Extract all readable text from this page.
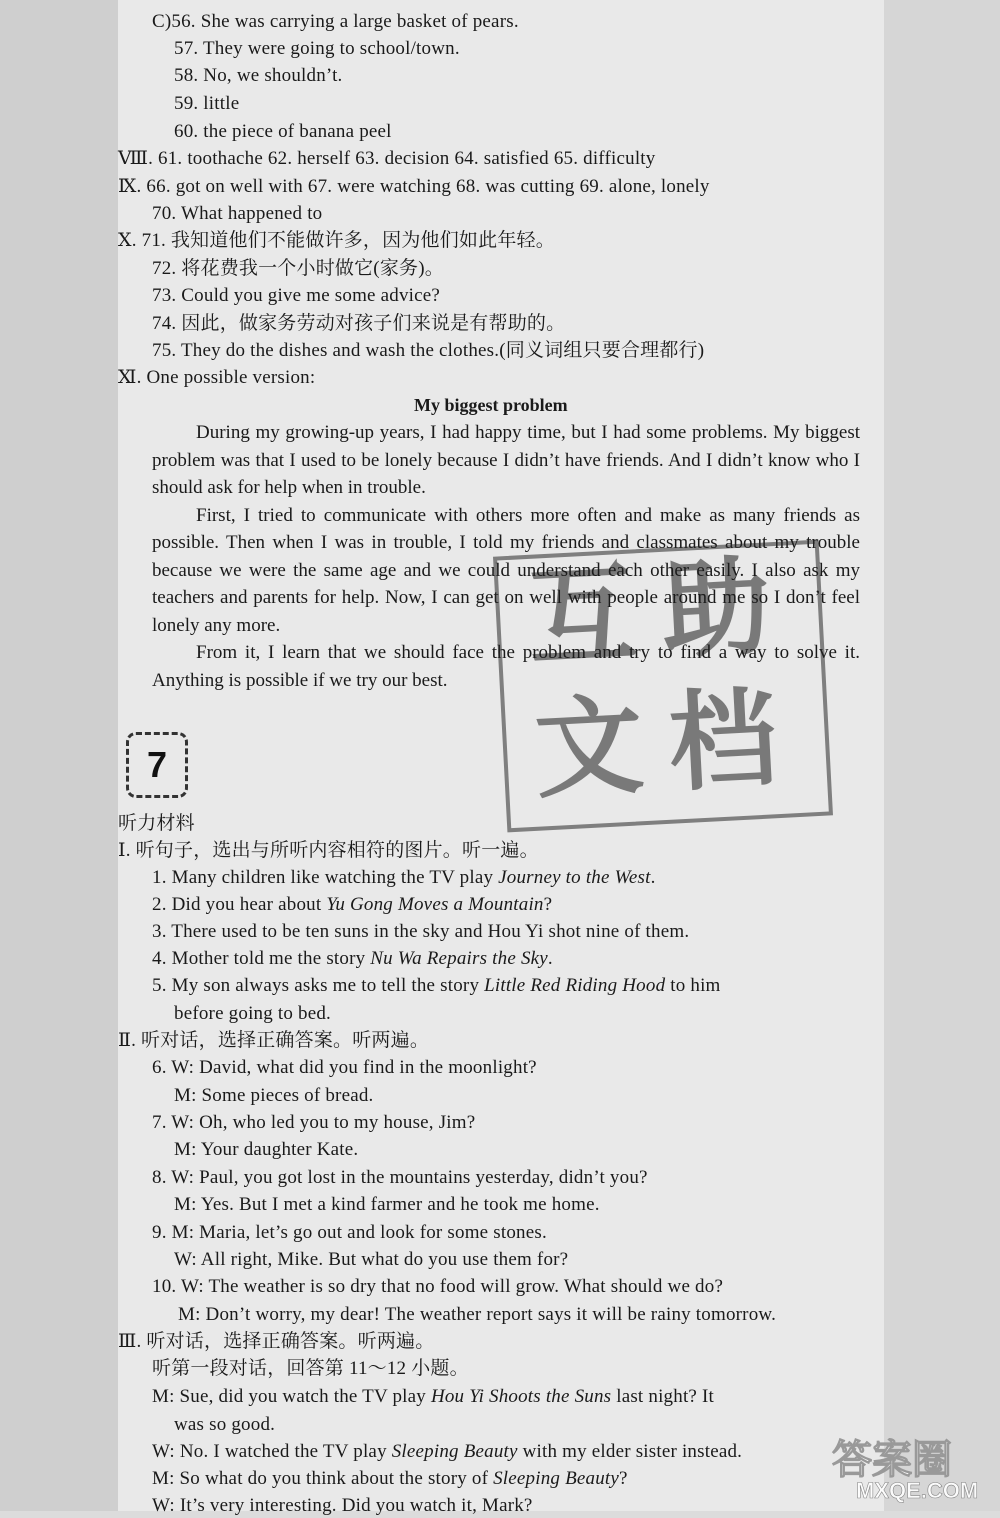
C)56. She was carrying a large basket of pears.
57. They were going to school/town.
58. No, we shouldn’t.
59. little
60. the piece of banana peel
Ⅷ. 61. toothache 62. herself 63. decision 64. satisfied 65. difficulty
Ⅸ. 66. got on well with 67. were watching 68. was cutting 69. alone, lonely
70. What happened to
Ⅹ. 71. 我知道他们不能做许多，因为他们如此年轻。
72. 将花费我一个小时做它(家务)。
73. Could you give me some advice?
74. 因此，做家务劳动对孩子们来说是有帮助的。
75. They do the dishes and wash the clothes.(同义词组只要合理都行)
Ⅺ. One possible version:
My biggest problem

During my growing-up years, I had happy time, but I had some problems. My biggest problem was that I used to be lonely because I didn’t have friends. And I didn’t know who I should ask for help when in trouble.

First, I tried to communicate with others more often and make as many friends as possible. Then when I was in trouble, I told my friends and classmates about my trouble because we were the same age and we could understand each other easily. I also ask my teachers and parents for help. Now, I can get on well with people around me so I don’t feel lonely any more.

From it, I learn that we should face the problem and try to find a way to solve it. Anything is possible if we try our best.

7
互 助
文 档
听力材料
Ⅰ. 听句子，选出与所听内容相符的图片。听一遍。
1. Many children like watching the TV play Journey to the West.
2. Did you hear about Yu Gong Moves a Mountain?
3. There used to be ten suns in the sky and Hou Yi shot nine of them.
4. Mother told me the story Nu Wa Repairs the Sky.
5. My son always asks me to tell the story Little Red Riding Hood to him
before going to bed.
Ⅱ. 听对话，选择正确答案。听两遍。
6. W: David, what did you find in the moonlight?
M: Some pieces of bread.
7. W: Oh, who led you to my house, Jim?
M: Your daughter Kate.
8. W: Paul, you got lost in the mountains yesterday, didn’t you?
M: Yes. But I met a kind farmer and he took me home.
9. M: Maria, let’s go out and look for some stones.
W: All right, Mike. But what do you use them for?
10. W: The weather is so dry that no food will grow. What should we do?
M: Don’t worry, my dear! The weather report says it will be rainy tomorrow.
Ⅲ. 听对话，选择正确答案。听两遍。
听第一段对话，回答第 11～12 小题。
M: Sue, did you watch the TV play Hou Yi Shoots the Suns last night? It
was so good.
W: No. I watched the TV play Sleeping Beauty with my elder sister instead.
M: So what do you think about the story of Sleeping Beauty?
W: It’s very interesting. Did you watch it, Mark?
答案圈
MXQE.COM
